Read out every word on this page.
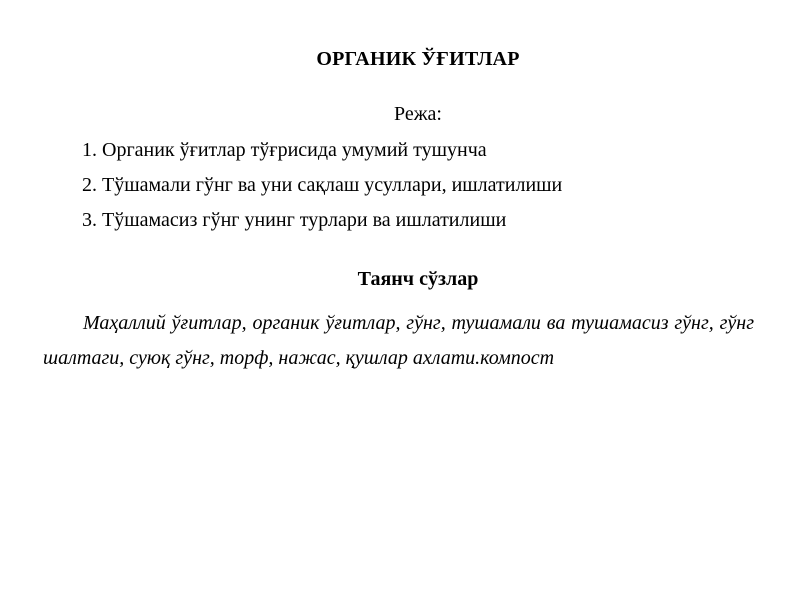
ОРГАНИК ЎҒИТЛАР
Режа:
1. Органик ўғитлар тўғрисида умумий тушунча
2. Тўшамали гўнг ва уни сақлаш усуллари, ишлатилиши
3. Тўшамасиз гўнг унинг турлари ва ишлатилиши
Таянч сўзлар

Маҳаллий ўғитлар, органик ўғитлар, гўнг, тушамали ва тушамасиз гўнг, гўнг шалтаги, суюқ гўнг, торф, нажас, қушлар ахлати.компост
